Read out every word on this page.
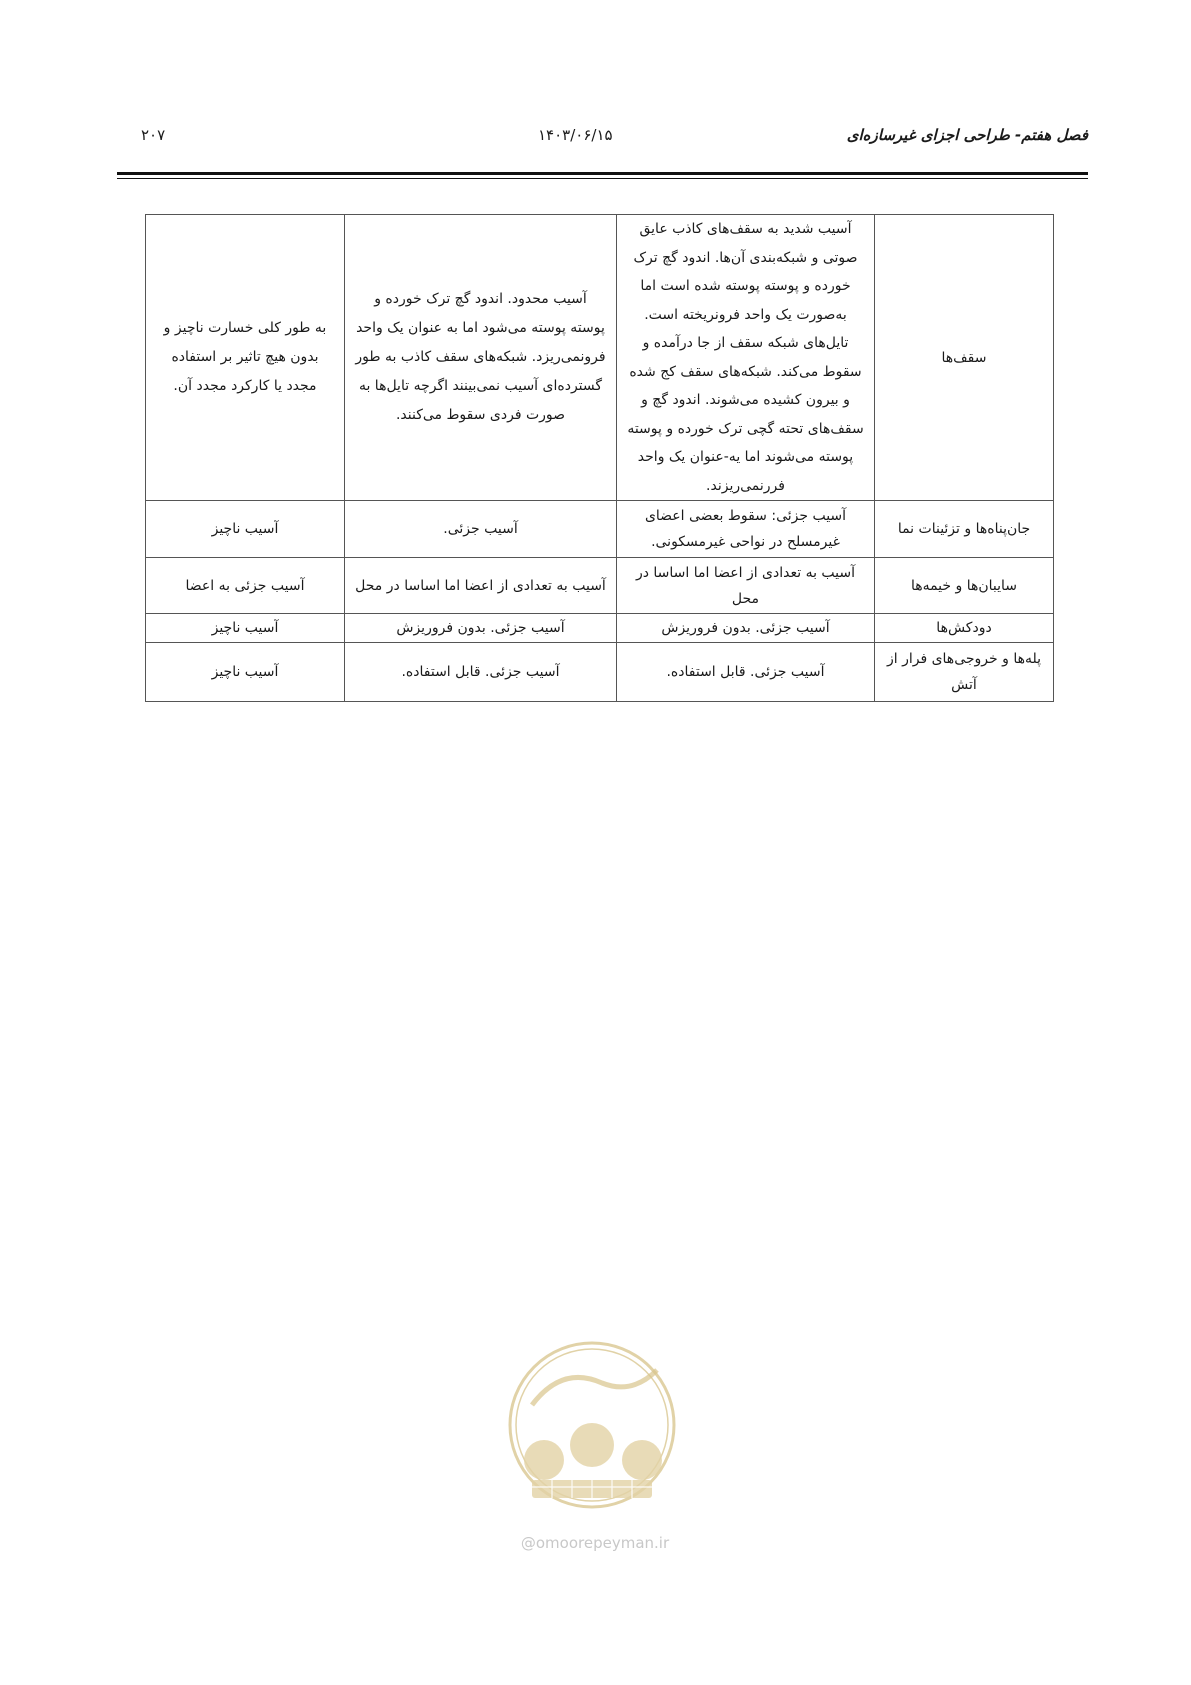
فصل هفتم- طراحی اجزای غیرسازه‌ای
۱۴۰۳/۰۶/۱۵
۲۰۷
سقف‌ها	آسیب شدید به سقف‌های کاذب عایق صوتی و شبکه‌بندی آن‌ها. اندود گچ ترک خورده و پوسته پوسته شده است اما به‌صورت یک واحد فرونریخته است. تایل‌های شبکه سقف از جا درآمده و سقوط می‌کند. شبکه‌های سقف کج شده و بیرون کشیده می‌شوند. اندود گچ و سقف‌های تحته گچی ترک خورده و پوسته پوسته می‌شوند اما یه-عنوان یک واحد فررنمی‌ریزند.	آسیب محدود. اندود گچ ترک خورده و پوسته پوسته می‌شود اما به عنوان یک واحد فرونمی‌ریزد. شبکه‌های سقف کاذب به طور گسترده‌ای آسیب نمی‌بینند اگرچه تایل‌ها به صورت فردی سقوط می‌کنند.	به طور کلی خسارت ناچیز و بدون هیچ تاثیر بر استفاده مجدد یا کارکرد مجدد آن.
جان‌پناه‌ها و تزئینات نما	آسیب جزئی: سقوط بعضی اعضای غیرمسلح در نواحی غیرمسکونی.	آسیب جزئی.	آسیب ناچیز
سایبان‌ها و خیمه‌ها	آسیب به تعدادی از اعضا اما اساسا در محل	آسیب به تعدادی از اعضا اما اساسا در محل	آسیب جزئی به اعضا
دودکش‌ها	آسیب جزئی. بدون فروریزش	آسیب جزئی. بدون فروریزش	آسیب ناچیز
پله‌ها و خروجی‌های فرار از آتش	آسیب جزئی. قابل استفاده.	آسیب جزئی. قابل استفاده.	آسیب ناچیز
@omoorepeyman.ir
